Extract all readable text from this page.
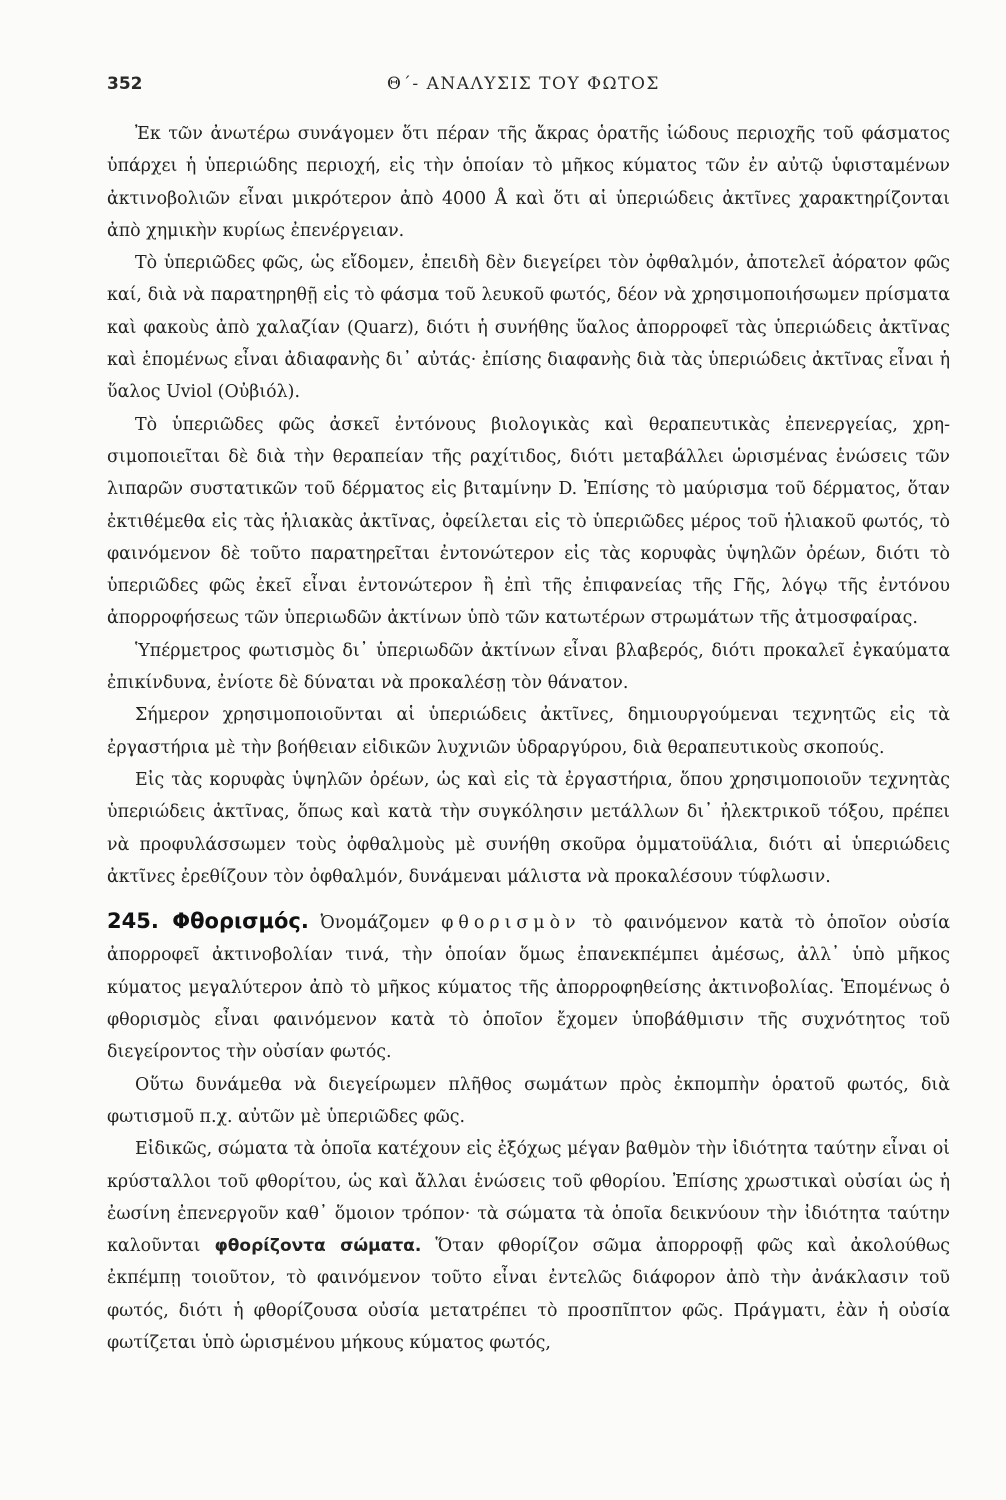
352	Θ΄- ΑΝΑΛΥΣΙΣ ΤΟΥ ΦΩΤΟΣ

Ἐκ τῶν ἀνωτέρω συνάγομεν ὅτι πέραν τῆς ἄκρας ὁρατῆς ἰώδους περιοχῆς τοῦ φάσματος ὑπάρχει ἡ ὑπεριώδης περιοχή, εἰς τὴν ὁποίαν τὸ μῆκος κύματος τῶν ἐν αὐτῷ ὑφισταμένων ἀκτινοβολιῶν εἶναι μικρότερον ἀπὸ 4000 Å καὶ ὅτι αἱ ὑπεριώδεις ἀκτῖνες χαρακτηρίζονται ἀπὸ χημικὴν κυρίως ἐπενέργειαν.

Τὸ ὑπεριῶδες φῶς, ὡς εἴδομεν, ἐπειδὴ δὲν διεγείρει τὸν ὀφθαλμόν, ἀποτελεῖ ἀόρατον φῶς καί, διὰ νὰ παρατηρηθῇ εἰς τὸ φάσμα τοῦ λευκοῦ φωτός, δέον νὰ χρησιμοποιήσωμεν πρίσματα καὶ φακοὺς ἀπὸ χαλαζίαν (Quarz), διότι ἡ συνήθης ὕαλος ἀπορροφεῖ τὰς ὑπεριώδεις ἀκτῖνας καὶ ἑπομένως εἶναι ἀδιαφανὴς δι᾿ αὐτάς· ἐπίσης διαφανὴς διὰ τὰς ὑπεριώδεις ἀκτῖνας εἶναι ἡ ὕαλος Uviol (Οὐβιόλ).

Τὸ ὑπεριῶδες φῶς ἀσκεῖ ἐντόνους βιολογικὰς καὶ θεραπευτικὰς ἐπενεργείας, χρησιμοποιεῖται δὲ διὰ τὴν θεραπείαν τῆς ραχίτιδος, διότι μεταβάλλει ὡρισμένας ἑνώσεις τῶν λιπαρῶν συστατικῶν τοῦ δέρματος εἰς βιταμίνην D. Ἐπίσης τὸ μαύρισμα τοῦ δέρματος, ὅταν ἐκτιθέμεθα εἰς τὰς ἡλιακὰς ἀκτῖνας, ὀφείλεται εἰς τὸ ὑπεριῶδες μέρος τοῦ ἡλιακοῦ φωτός, τὸ φαινόμενον δὲ τοῦτο παρατηρεῖται ἐντονώτερον εἰς τὰς κορυφὰς ὑψηλῶν ὀρέων, διότι τὸ ὑπεριῶδες φῶς ἐκεῖ εἶναι ἐντονώτερον ἢ ἐπὶ τῆς ἐπιφανείας τῆς Γῆς, λόγῳ τῆς ἐντόνου ἀπορροφήσεως τῶν ὑπεριωδῶν ἀκτίνων ὑπὸ τῶν κατωτέρων στρωμάτων τῆς ἀτμοσφαίρας.

Ὑπέρμετρος φωτισμὸς δι᾿ ὑπεριωδῶν ἀκτίνων εἶναι βλαβερός, διότι προκαλεῖ ἐγκαύματα ἐπικίνδυνα, ἐνίοτε δὲ δύναται νὰ προκαλέσῃ τὸν θάνατον.

Σήμερον χρησιμοποιοῦνται αἱ ὑπεριώδεις ἀκτῖνες, δημιουργούμεναι τεχνητῶς εἰς τὰ ἐργαστήρια μὲ τὴν βοήθειαν εἰδικῶν λυχνιῶν ὑδραργύρου, διὰ θεραπευτικοὺς σκοπούς.

Εἰς τὰς κορυφὰς ὑψηλῶν ὀρέων, ὡς καὶ εἰς τὰ ἐργαστήρια, ὅπου χρησιμοποιοῦν τεχνητὰς ὑπεριώδεις ἀκτῖνας, ὅπως καὶ κατὰ τὴν συγκόλησιν μετάλλων δι᾿ ἠλεκτρικοῦ τόξου, πρέπει νὰ προφυλάσσωμεν τοὺς ὀφθαλμοὺς μὲ συνήθη σκοῦρα ὀμματοϋάλια, διότι αἱ ὑπεριώδεις ἀκτῖνες ἐρεθίζουν τὸν ὀφθαλμόν, δυνάμεναι μάλιστα νὰ προκαλέσουν τύφλωσιν.

245. Φθορισμός. Ὀνομάζομεν φθορισμὸν τὸ φαινόμενον κατὰ τὸ ὁποῖον οὐσία ἀπορροφεῖ ἀκτινοβολίαν τινά, τὴν ὁποίαν ὅμως ἐπανεκπέμπει ἀμέσως, ἀλλ᾿ ὑπὸ μῆκος κύματος μεγαλύτερον ἀπὸ τὸ μῆκος κύματος τῆς ἀπορροφηθείσης ἀκτινοβολίας. Ἑπομένως ὁ φθορισμὸς εἶναι φαινόμενον κατὰ τὸ ὁποῖον ἔχομεν ὑποβάθμισιν τῆς συχνότητος τοῦ διεγείροντος τὴν οὐσίαν φωτός.

Οὕτω δυνάμεθα νὰ διεγείρωμεν πλῆθος σωμάτων πρὸς ἐκπομπὴν ὁρατοῦ φωτός, διὰ φωτισμοῦ π.χ. αὐτῶν μὲ ὑπεριῶδες φῶς.

Εἰδικῶς, σώματα τὰ ὁποῖα κατέχουν εἰς ἐξόχως μέγαν βαθμὸν τὴν ἰδιότητα ταύτην εἶναι οἱ κρύσταλλοι τοῦ φθορίτου, ὡς καὶ ἄλλαι ἑνώσεις τοῦ φθορίου. Ἐπίσης χρωστικαὶ οὐσίαι ὡς ἡ ἐωσίνη ἐπενεργοῦν καθ᾿ ὅμοιον τρόπον· τὰ σώματα τὰ ὁποῖα δεικνύουν τὴν ἰδιότητα ταύτην καλοῦνται φθορίζοντα σώματα. Ὅταν φθορίζον σῶμα ἀπορροφῇ φῶς καὶ ἀκολούθως ἐκπέμπῃ τοιοῦτον, τὸ φαινόμενον τοῦτο εἶναι ἐντελῶς διάφορον ἀπὸ τὴν ἀνάκλασιν τοῦ φωτός, διότι ἡ φθορίζουσα οὐσία μετατρέπει τὸ προσπῖπτον φῶς. Πράγματι, ἐὰν ἡ οὐσία φωτίζεται ὑπὸ ὡρισμένου μήκους κύματος φωτός,
